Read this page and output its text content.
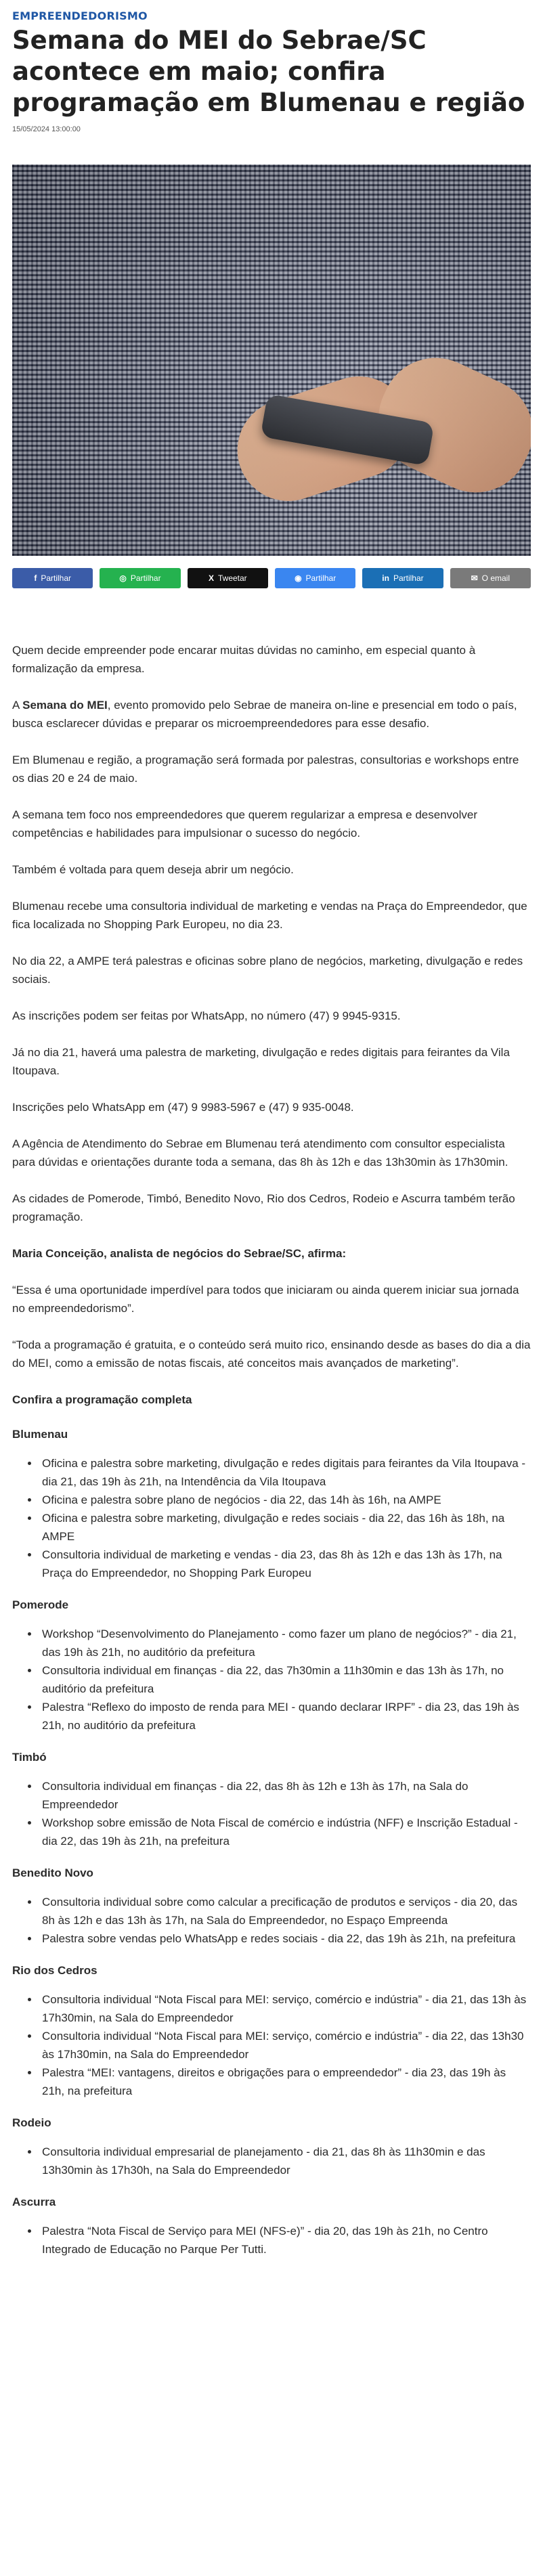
EMPREENDEDORISMO
Semana do MEI do Sebrae/SC acontece em maio; confira programação em Blumenau e região
15/05/2024 13:00:00
f Partilhar	◎ Partilhar	X Tweetar	◉ Partilhar	in Partilhar	✉ O email

Quem decide empreender pode encarar muitas dúvidas no caminho, em especial quanto à formalização da empresa.

A Semana do MEI, evento promovido pelo Sebrae de maneira on-line e presencial em todo o país, busca esclarecer dúvidas e preparar os microempreendedores para esse desafio.

Em Blumenau e região, a programação será formada por palestras, consultorias e workshops entre os dias 20 e 24 de maio.

A semana tem foco nos empreendedores que querem regularizar a empresa e desenvolver competências e habilidades para impulsionar o sucesso do negócio.

Também é voltada para quem deseja abrir um negócio.

Blumenau recebe uma consultoria individual de marketing e vendas na Praça do Empreendedor, que fica localizada no Shopping Park Europeu, no dia 23.

No dia 22, a AMPE terá palestras e oficinas sobre plano de negócios, marketing, divulgação e redes sociais.

As inscrições podem ser feitas por WhatsApp, no número (47) 9 9945-9315.

Já no dia 21, haverá uma palestra de marketing, divulgação e redes digitais para feirantes da Vila Itoupava.

Inscrições pelo WhatsApp em (47) 9 9983-5967 e (47) 9 935-0048.

A Agência de Atendimento do Sebrae em Blumenau terá atendimento com consultor especialista para dúvidas e orientações durante toda a semana, das 8h às 12h e das 13h30min às 17h30min.

As cidades de Pomerode, Timbó, Benedito Novo, Rio dos Cedros, Rodeio e Ascurra também terão programação.

Maria Conceição, analista de negócios do Sebrae/SC, afirma:

“Essa é uma oportunidade imperdível para todos que iniciaram ou ainda querem iniciar sua jornada no empreendedorismo”.

“Toda a programação é gratuita, e o conteúdo será muito rico, ensinando desde as bases do dia a dia do MEI, como a emissão de notas fiscais, até conceitos mais avançados de marketing”.

Confira a programação completa
Blumenau
• Oficina e palestra sobre marketing, divulgação e redes digitais para feirantes da Vila Itoupava - dia 21, das 19h às 21h, na Intendência da Vila Itoupava
• Oficina e palestra sobre plano de negócios - dia 22, das 14h às 16h, na AMPE
• Oficina e palestra sobre marketing, divulgação e redes sociais - dia 22, das 16h às 18h, na AMPE
• Consultoria individual de marketing e vendas - dia 23, das 8h às 12h e das 13h às 17h, na Praça do Empreendedor, no Shopping Park Europeu
Pomerode
• Workshop “Desenvolvimento do Planejamento - como fazer um plano de negócios?” - dia 21, das 19h às 21h, no auditório da prefeitura
• Consultoria individual em finanças - dia 22, das 7h30min a 11h30min e das 13h às 17h, no auditório da prefeitura
• Palestra “Reflexo do imposto de renda para MEI - quando declarar IRPF” - dia 23, das 19h às 21h, no auditório da prefeitura
Timbó
• Consultoria individual em finanças - dia 22, das 8h às 12h e 13h às 17h, na Sala do Empreendedor
• Workshop sobre emissão de Nota Fiscal de comércio e indústria (NFF) e Inscrição Estadual - dia 22, das 19h às 21h, na prefeitura
Benedito Novo
• Consultoria individual sobre como calcular a precificação de produtos e serviços - dia 20, das 8h às 12h e das 13h às 17h, na Sala do Empreendedor, no Espaço Empreenda
• Palestra sobre vendas pelo WhatsApp e redes sociais - dia 22, das 19h às 21h, na prefeitura
Rio dos Cedros
• Consultoria individual “Nota Fiscal para MEI: serviço, comércio e indústria” - dia 21, das 13h às 17h30min, na Sala do Empreendedor
• Consultoria individual “Nota Fiscal para MEI: serviço, comércio e indústria” - dia 22, das 13h30 às 17h30min, na Sala do Empreendedor
• Palestra “MEI: vantagens, direitos e obrigações para o empreendedor” - dia 23, das 19h às 21h, na prefeitura
Rodeio
• Consultoria individual empresarial de planejamento - dia 21, das 8h às 11h30min e das 13h30min às 17h30h, na Sala do Empreendedor
Ascurra
• Palestra “Nota Fiscal de Serviço para MEI (NFS-e)” - dia 20, das 19h às 21h, no Centro Integrado de Educação no Parque Per Tutti.
